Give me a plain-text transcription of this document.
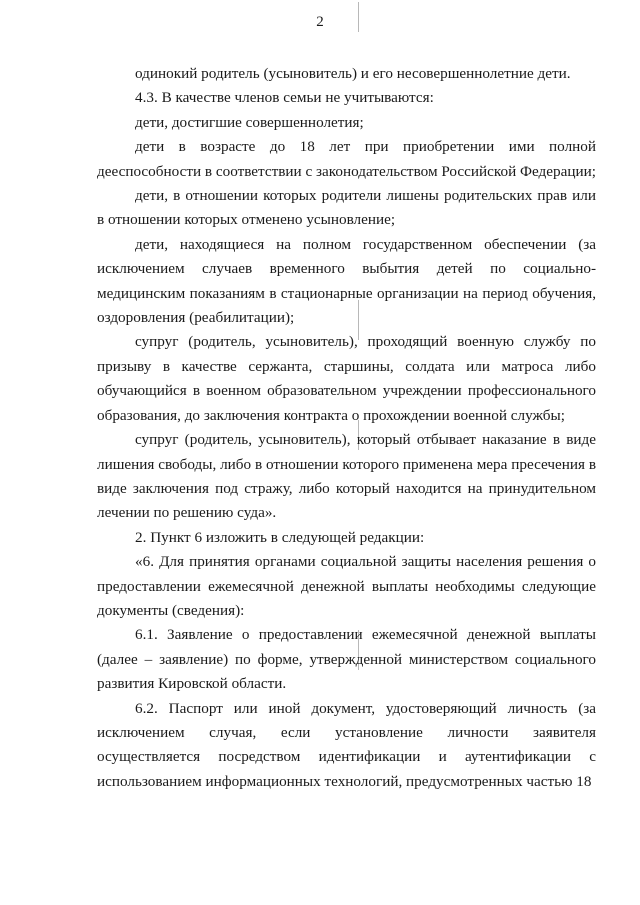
2

одинокий родитель (усыновитель) и его несовершеннолетние дети.

4.3. В качестве членов семьи не учитываются:

дети, достигшие совершеннолетия;

дети в возрасте до 18 лет при приобретении ими полной дееспособности в соответствии с законодательством Российской Федерации;

дети, в отношении которых родители лишены родительских прав или в отношении которых отменено усыновление;

дети, находящиеся на полном государственном обеспечении (за исключением случаев временного выбытия детей по социально-медицинским показаниям в стационарные организации на период обучения, оздоровления (реабилитации);

супруг (родитель, усыновитель), проходящий военную службу по призыву в качестве сержанта, старшины, солдата или матроса либо обучающийся в военном образовательном учреждении профессионального образования, до заключения контракта о прохождении военной службы;

супруг (родитель, усыновитель), который отбывает наказание в виде лишения свободы, либо в отношении которого применена мера пресечения в виде заключения под стражу, либо который находится на принудительном лечении по решению суда».

2. Пункт 6 изложить в следующей редакции:

«6. Для принятия органами социальной защиты населения решения о предоставлении ежемесячной денежной выплаты необходимы следующие документы (сведения):

6.1. Заявление о предоставлении ежемесячной денежной выплаты (далее – заявление) по форме, утвержденной министерством социального развития Кировской области.

6.2. Паспорт или иной документ, удостоверяющий личность (за исключением случая, если установление личности заявителя осуществляется посредством идентификации и аутентификации с использованием информационных технологий, предусмотренных частью 18
